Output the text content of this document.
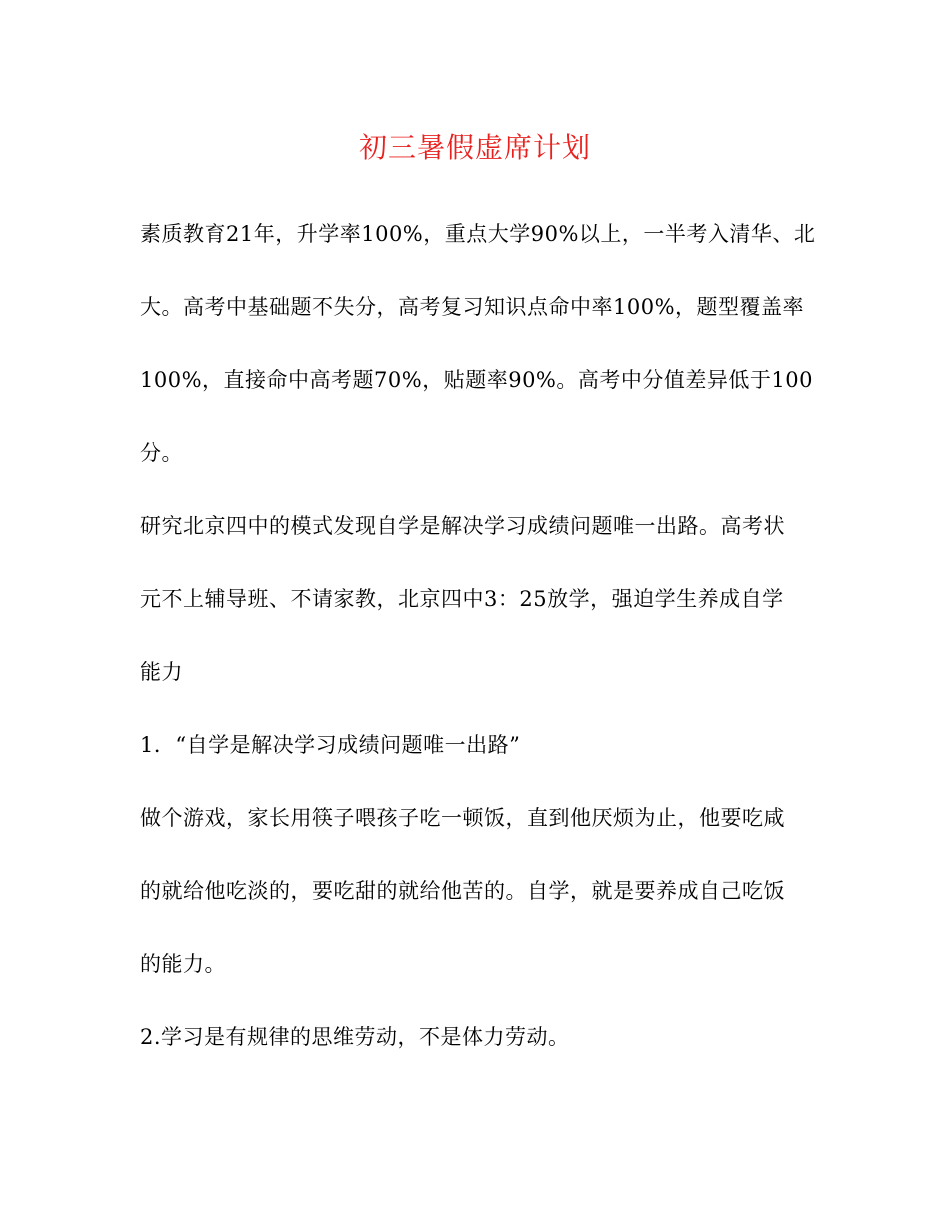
初三暑假虚席计划

素质教育21年，升学率100%，重点大学90%以上，一半考入清华、北
大。高考中基础题不失分，高考复习知识点命中率100%，题型覆盖率
100%，直接命中高考题70%，贴题率90%。高考中分值差异低于100
分。

研究北京四中的模式发现自学是解决学习成绩问题唯一出路。高考状
元不上辅导班、不请家教，北京四中3：25放学，强迫学生养成自学
能力

1．“自学是解决学习成绩问题唯一出路”

做个游戏，家长用筷子喂孩子吃一顿饭，直到他厌烦为止，他要吃咸
的就给他吃淡的，要吃甜的就给他苦的。自学，就是要养成自己吃饭
的能力。

2.学习是有规律的思维劳动，不是体力劳动。
